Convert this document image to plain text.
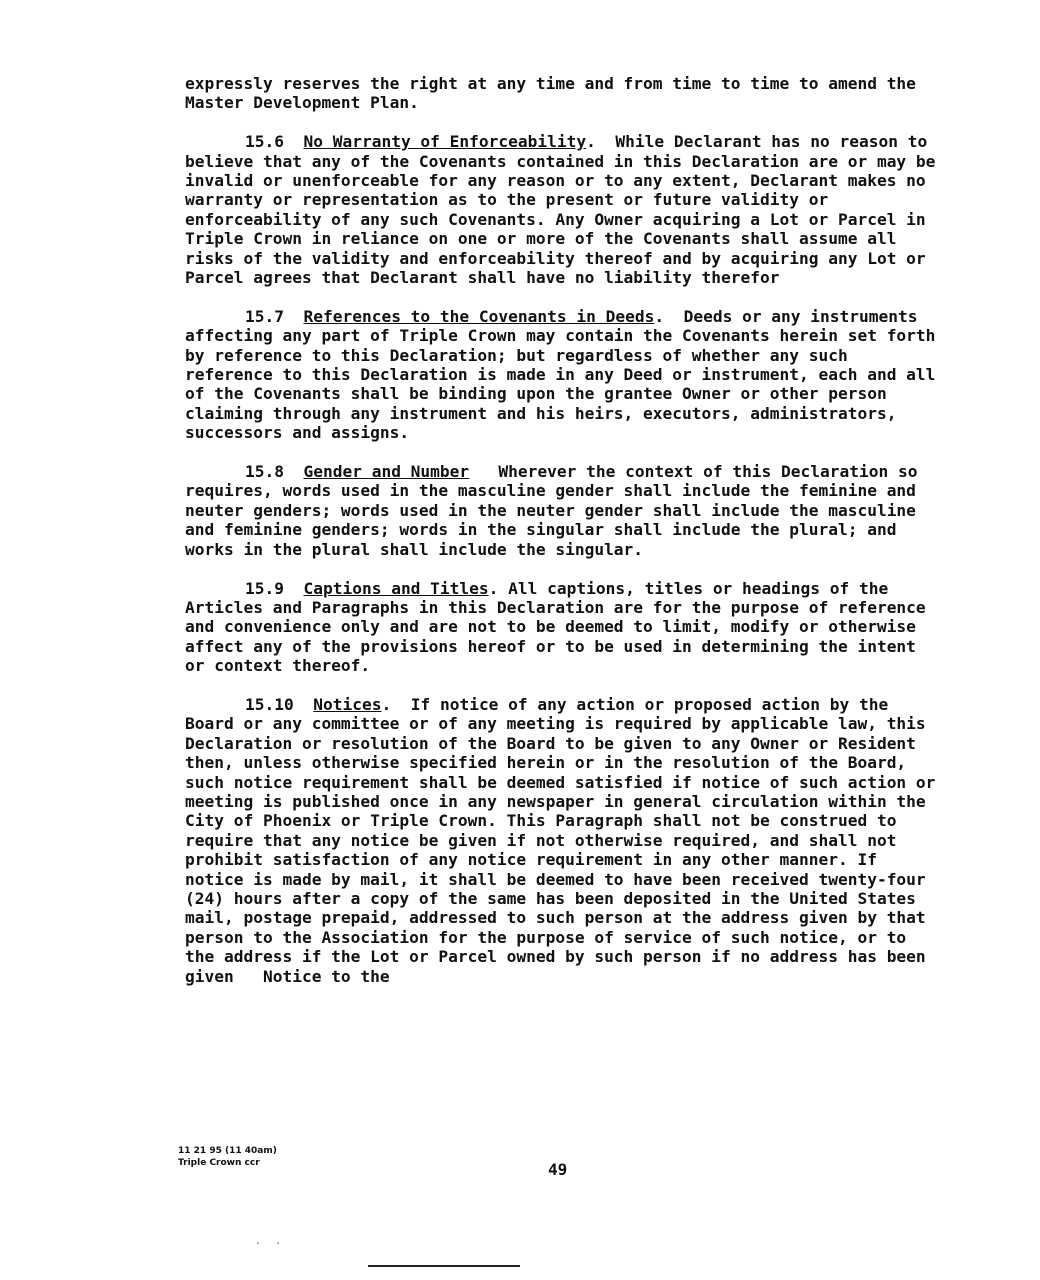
expressly reserves the right at any time and from time to time to amend the Master Development Plan.

15.6 No Warranty of Enforceability.  While Declarant has no reason to believe that any of the Covenants contained in this Declaration are or may be invalid or unenforceable for any reason or to any extent, Declarant makes no warranty or representation as to the present or future validity or enforceability of any such Covenants. Any Owner acquiring a Lot or Parcel in Triple Crown in reliance on one or more of the Covenants shall assume all risks of the validity and enforceability thereof and by acquiring any Lot or Parcel agrees that Declarant shall have no liability therefor

15.7 References to the Covenants in Deeds.  Deeds or any instruments affecting any part of Triple Crown may contain the Covenants herein set forth by reference to this Declaration; but regardless of whether any such reference to this Declaration is made in any Deed or instrument, each and all of the Covenants shall be binding upon the grantee Owner or other person claiming through any instrument and his heirs, executors, administrators, successors and assigns.

15.8 Gender and Number Wherever the context of this Declaration so requires, words used in the masculine gender shall include the feminine and neuter genders; words used in the neuter gender shall include the masculine and feminine genders; words in the singular shall include the plural; and works in the plural shall include the singular.

15.9 Captions and Titles. All captions, titles or headings of the Articles and Paragraphs in this Declaration are for the purpose of reference and convenience only and are not to be deemed to limit, modify or otherwise affect any of the provisions hereof or to be used in determining the intent or context thereof.

15.10 Notices.  If notice of any action or proposed action by the Board or any committee or of any meeting is required by applicable law, this Declaration or resolution of the Board to be given to any Owner or Resident then, unless otherwise specified herein or in the resolution of the Board, such notice requirement shall be deemed satisfied if notice of such action or meeting is published once in any newspaper in general circulation within the City of Phoenix or Triple Crown. This Paragraph shall not be construed to require that any notice be given if not otherwise required, and shall not prohibit satisfaction of any notice requirement in any other manner. If notice is made by mail, it shall be deemed to have been received twenty-four (24) hours after a copy of the same has been deposited in the United States mail, postage prepaid, addressed to such person at the address given by that person to the Association for the purpose of service of such notice, or to the address if the Lot or Parcel owned by such person if no address has been given   Notice to the

11 21 95 (11 40am)
Triple Crown ccr	49
. .
